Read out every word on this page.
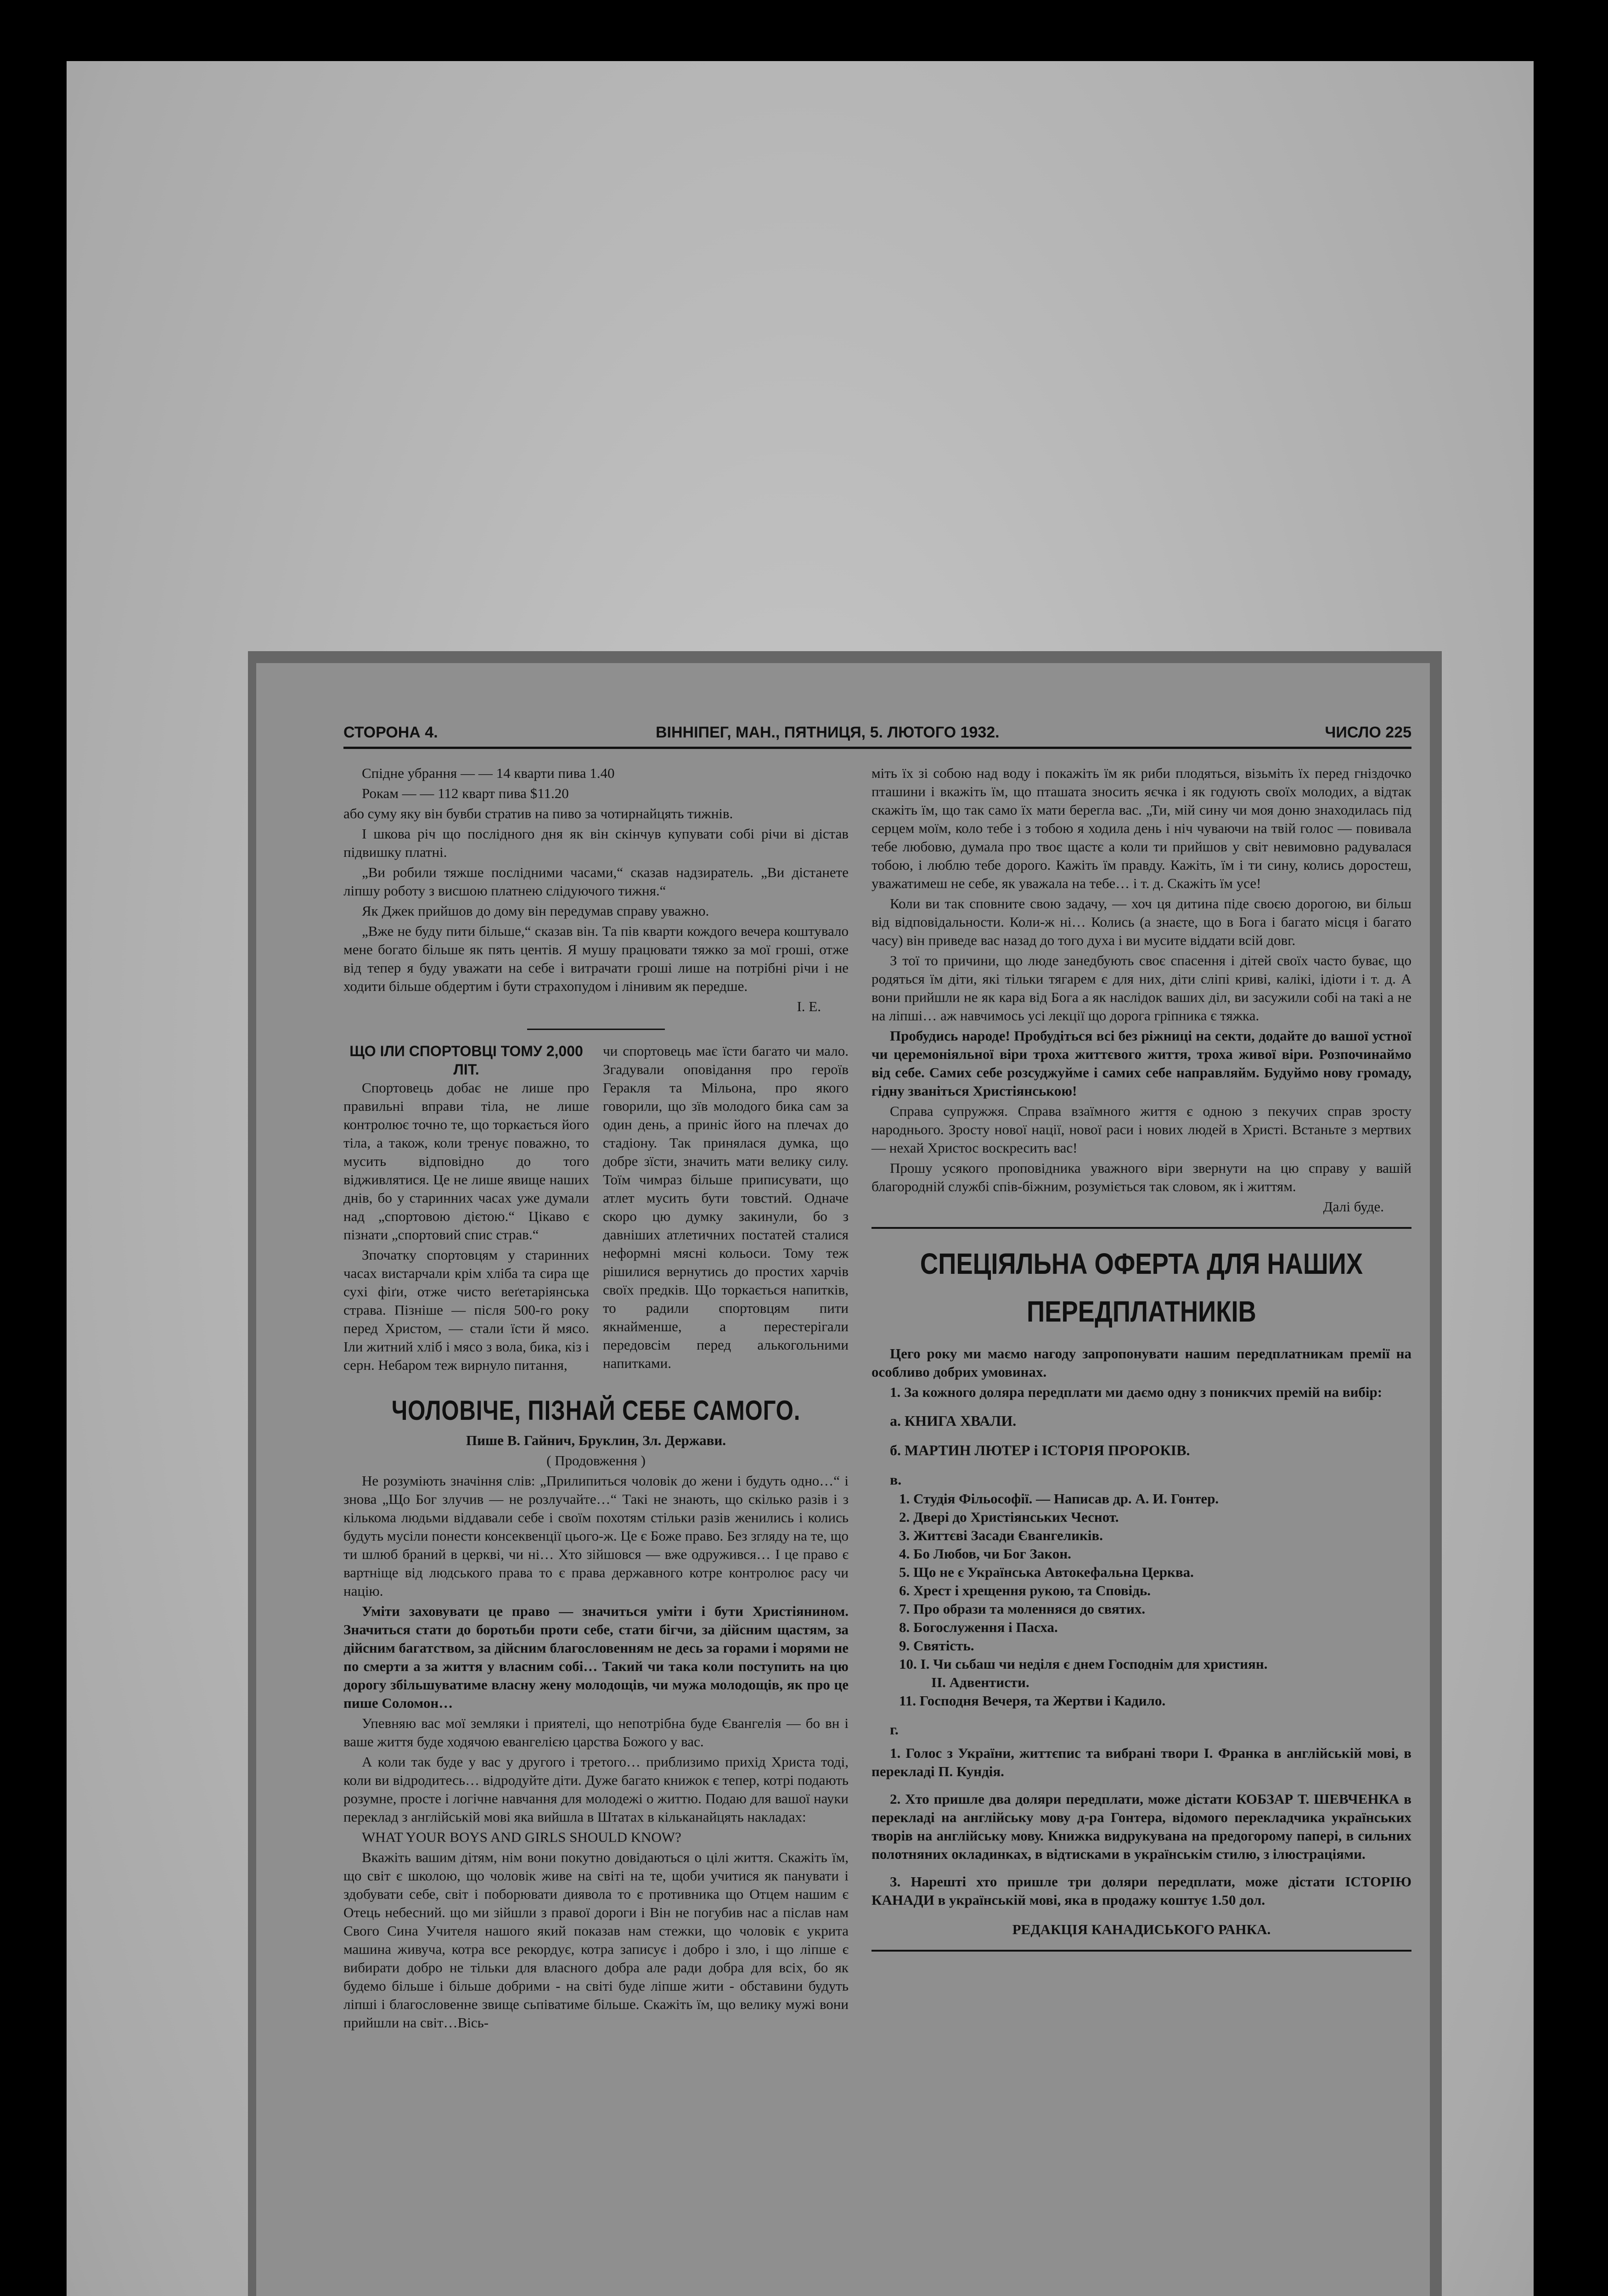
СТОРОНА 4.	ВІННІПЕГ, МАН., ПЯТНИЦЯ, 5. ЛЮТОГО 1932.	ЧИСЛО 225

Спідне убрання — — 14 кварти пива 1.40

Рокам — — 112 кварт пива $11.20

або суму яку він бувби стратив на пиво за чотирнайцять тижнів.

І шкова річ що послідного дня як він скінчув купувати собі річи ві дістав підвишку платні.

„Ви робили тяжше послідними часами,“ сказав надзиратель. „Ви дістанете ліпшу роботу з висшою платнею слідуючого тижня.“

Як Джек прийшов до дому він передумав справу уважно.

„Вже не буду пити більше,“ сказав він. Та пів кварти кождого вечера коштувало мене богато більше як пять центів. Я мушу працювати тяжко за мої гроші, отже від тепер я буду уважати на себе і витрачати гроші лише на потрібні річи і не ходити більше обдертим і бути страхопудом і лінивим як передше.

І. Е.

ЩО ІЛИ СПОРТОВЦІ ТОМУ 2,000 ЛІТ.

Спортовець добає не лише про правильні вправи тіла, не лише контролює точно те, що торкається його тіла, а також, коли тренує поважно, то мусить відповідно до того відживлятися. Це не лише явище наших днів, бо у старинних часах уже думали над „спортовою дієтою.“ Цікаво є пізнати „спортовий спис страв.“

Зпочатку спортовцям у старинних часах вистарчали крім хліба та сира ще сухі фіґи, отже чисто веґетаріянська страва. Пізніше — після 500-го року перед Христом, — стали їсти й мясо. Іли житний хліб і мясо з вола, бика, кіз і серн. Небаром теж вирнуло питання,

чи спортовець має їсти багато чи мало. Згадували оповідання про героїв Геракля та Мільона, про якого говорили, що зїв молодого бика сам за один день, а приніс його на плечах до стадіону. Так принялася думка, що добре зїсти, значить мати велику силу. Тоїм чимраз більше приписувати, що атлет мусить бути товстий. Одначе скоро цю думку закинули, бо з давніших атлетичних постатей сталися неформні мясні кольоси. Тому теж рішилися вернутись до простих харчів своїх предків. Що торкається напитків, то радили спортовцям пити якнайменше, а перестерігали передовсім перед алькогольними напитками.

ЧОЛОВІЧЕ, ПІЗНАЙ СЕБЕ САМОГО.

Пише В. Гайнич, Бруклин, Зл. Держави.

( Продовження )

Не розуміють значіння слів: „Прилипиться чоловік до жени і будуть одно…“ і знова „Що Бог злучив — не розлучайте…“ Такі не знають, що скілько разів і з кількома людьми віддавали себе і своїм похотям стільки разів женились і колись будуть мусіли понести консеквенції цього-ж. Це є Боже право. Без згляду на те, що ти шлюб браний в церкві, чи ні… Хто зійшовся — вже одружився… І це право є вартніще від людського права то є права державного котре контролює расу чи націю.

Уміти заховувати це право — значиться уміти і бути Христіянином. Значиться стати до боротьби проти себе, стати бігчи, за дійсним щастям, за дійсним багатством, за дійсним благословенням не десь за горами і морями не по смерти а за життя у власним собі… Такий чи така коли поступить на цю дорогу збільшуватиме власну жену молодощів, чи мужа молодощів, як про це пише Соломон…

Упевняю вас мої земляки і приятелі, що непотрібна буде Євангелія — бо вн і ваше життя буде ходячою евангелією царства Божого у вас.

А коли так буде у вас у другого і третого… приблизимо прихід Христа тоді, коли ви відродитесь… відродуйте діти. Дуже багато книжок є тепер, котрі подають розумне, просте і логічне навчання для молодежі о життю. Подаю для вашої науки переклад з англійській мові яка вийшла в Штатах в кільканайцять накладах:

WHAT YOUR BOYS AND GIRLS SHOULD KNOW?

Вкажіть вашим дітям, нім вони покутно довідаються о цілі життя. Скажіть їм, що світ є школою, що чоловік живе на світі на те, щоби учитися як панувати і здобувати себе, світ і поборювати диявола то є противника що Отцем нашим є Отець небесний. що ми зійшли з правої дороги і Він не погубив нас а післав нам Свого Сина Учителя нашого який показав нам стежки, що чоловік є укрита машина живуча, котра все рекордує, котра записує і добро і зло, і що ліпше є вибирати добро не тільки для власного добра але ради добра для всіх, бо як будемо більше і більше добрими - на світі буде ліпше жити - обставини будуть ліпші і благословенне звище сьпіватиме більше. Скажіть їм, що велику мужі вони прийшли на світ…Вісь-

міть їх зі собою над воду і покажіть їм як риби плодяться, візьміть їх перед гніздочко пташини і вкажіть їм, що пташата зносить яєчка і як годують своїх молодих, а відтак скажіть їм, що так само їх мати берегла вас. „Ти, мій сину чи моя доню знаходилась під серцем моїм, коло тебе і з тобою я ходила день і ніч чуваючи на твій голос — повивала тебе любовю, думала про твоє щастє а коли ти прийшов у світ невимовно радувалася тобою, і люблю тебе дорого. Кажіть їм правду. Кажіть, їм і ти сину, колись доростеш, уважатимеш не себе, як уважала на тебе… і т. д. Скажіть їм усе!

Коли ви так сповните свою задачу, — хоч ця дитина піде своєю дорогою, ви більш від відповідальности. Коли-ж ні… Колись (а знаєте, що в Бога і багато місця і багато часу) він приведе вас назад до того духа і ви мусите віддати всій довг.

З тої то причини, що люде занедбують своє спасення і дітей своїх часто буває, що родяться їм діти, які тільки тягарем є для них, діти сліпі криві, калікі, ідіоти і т. д. А вони прийшли не як кара від Бога а як наслідок ваших діл, ви засужили собі на такі а не на ліпші… аж навчимось усі лекції що дорога гріпника є тяжка.

Пробудись народе! Пробудіться всі без ріжниці на секти, додайте до вашої устної чи церемоніяльної віри троха життєвого життя, троха живої віри. Розпочинаймо від себе. Самих себе розсуджуйме і самих себе направляйм. Будуймо нову громаду, гідну званіться Христіянською!

Справа супружжя. Справа взаїмного життя є одною з пекучих справ зросту народнього. Зросту нової нації, нової раси і нових людей в Христі. Встаньте з мертвих — нехай Христос воскресить вас!

Прошу усякого проповідника уважного віри звернути на цю справу у вашій благородній службі спів-біжним, розуміється так словом, як і життям.

Далі буде.

СПЕЦІЯЛЬНА ОФЕРТА ДЛЯ НАШИХ
ПЕРЕДПЛАТНИКІВ

Цего року ми маємо нагоду запропонувати нашим передплатникам премії на особливо добрих умовинах.

1. За кожного доляра передплати ми даємо одну з поникчих премій на вибір:

а. КНИГА ХВАЛИ.
б. МАРТИН ЛЮТЕР і ІСТОРІЯ ПРОРОКІВ.
в.
1. Студія Фільософії. — Написав др. А. И. Гонтер.
2. Двері до Христіянських Чеснот.
3. Життєві Засади Євангеликів.
4. Бо Любов, чи Бог Закон.
5. Що не є Українська Автокефальна Церква.
6. Хрест і хрещення рукою, та Сповідь.
7. Про образи та моленняся до святих.
8. Богослуження і Пасха.
9. Святість.
10. І. Чи cьбаш чи неділя є днем Господнім для християн.
ІІ. Адвентисти.
11. Господня Вечеря, та Жертви і Кадило.
г.

1. Голос з України, життєпис та вибрані твори І. Франка в англійській мові, в перекладі П. Кундія.

2. Хто пришле два доляри передплати, може дістати КОБЗАР Т. ШЕВЧЕНКА в перекладі на англійську мову д-ра Гонтера, відомого перекладчика українських творів на англійську мову. Книжка видрукувана на предогорому папері, в сильних полотняних окладинках, в відтисками в українськім стилю, з ілюстраціями.

3. Нарешті хто пришле три доляри передплати, може дістати ІСТОРІЮ КАНАДИ в українській мові, яка в продажу коштує 1.50 дол.

РЕДАКЦІЯ КАНАДИСЬКОГО РАНКА.
